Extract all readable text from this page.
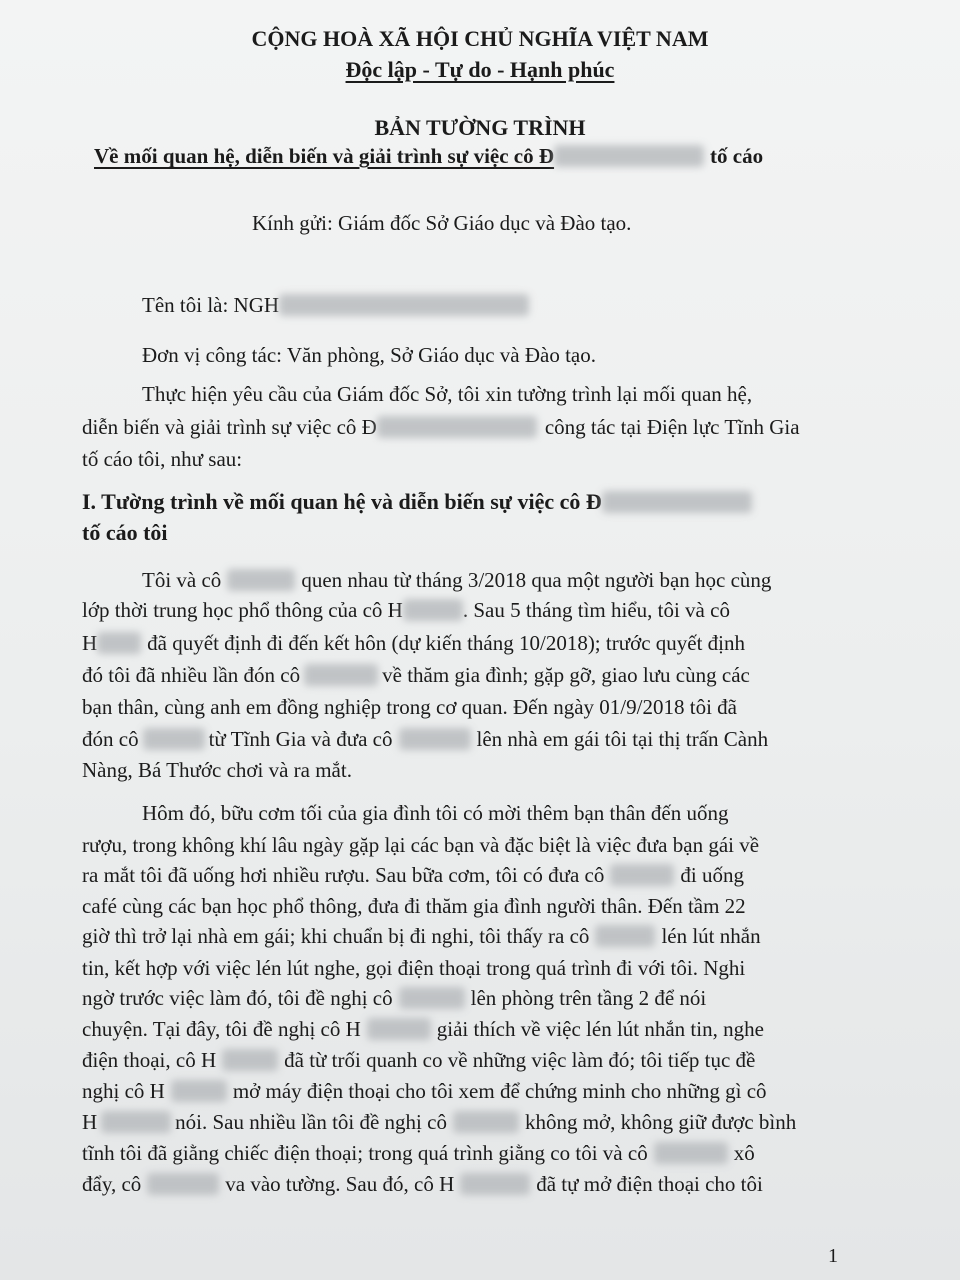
CỘNG HOÀ XÃ HỘI CHỦ NGHĨA VIỆT NAM
Độc lập - Tự do - Hạnh phúc
BẢN TƯỜNG TRÌNH
Về mối quan hệ, diễn biến và giải trình sự việc cô Đ	tố cáo
Kính gửi: Giám đốc Sở Giáo dục và Đào tạo.
Tên tôi là: NGH
Đơn vị công tác: Văn phòng, Sở Giáo dục và Đào tạo.
Thực hiện yêu cầu của Giám đốc Sở, tôi xin tường trình lại mối quan hệ,
diễn biến và giải trình sự việc cô Đ	công tác tại Điện lực Tĩnh Gia
tố cáo tôi, như sau:
I. Tường trình về mối quan hệ và diễn biến sự việc cô Đ
tố cáo tôi
Tôi và cô	quen nhau từ tháng 3/2018 qua một người bạn học cùng
lớp thời trung học phổ thông của cô H	. Sau 5 tháng tìm hiểu, tôi và cô
H đã quyết định đi đến kết hôn (dự kiến tháng 10/2018); trước quyết định
đó tôi đã nhiều lần đón cô	về thăm gia đình; gặp gỡ, giao lưu cùng các
bạn thân, cùng anh em đồng nghiệp trong cơ quan. Đến ngày 01/9/2018 tôi đã
đón cô	từ Tĩnh Gia và đưa cô	lên nhà em gái tôi tại thị trấn Cành
Nàng, Bá Thước chơi và ra mắt.
Hôm đó, bữu cơm tối của gia đình tôi có mời thêm bạn thân đến uống
rượu, trong không khí lâu ngày gặp lại các bạn và đặc biệt là việc đưa bạn gái về
ra mắt tôi đã uống hơi nhiều rượu. Sau bữa cơm, tôi có đưa cô	đi uống
café cùng các bạn học phổ thông, đưa đi thăm gia đình người thân. Đến tầm 22
giờ thì trở lại nhà em gái; khi chuẩn bị đi nghi, tôi thấy ra cô	lén lút nhắn
tin, kết hợp với việc lén lút nghe, gọi điện thoại trong quá trình đi với tôi. Nghi
ngờ trước việc làm đó, tôi đề nghị cô	lên phòng trên tầng 2 để nói
chuyện. Tại đây, tôi đề nghị cô H	giải thích về việc lén lút nhắn tin, nghe
điện thoại, cô H	đã từ trối quanh co về những việc làm đó; tôi tiếp tục đề
nghị cô H	mở máy điện thoại cho tôi xem để chứng minh cho những gì cô
H	nói. Sau nhiều lần tôi đề nghị cô	không mở, không giữ được bình
tĩnh tôi đã giằng chiếc điện thoại; trong quá trình giằng co tôi và cô	xô
đẩy, cô	va vào tường. Sau đó, cô H	đã tự mở điện thoại cho tôi
1
